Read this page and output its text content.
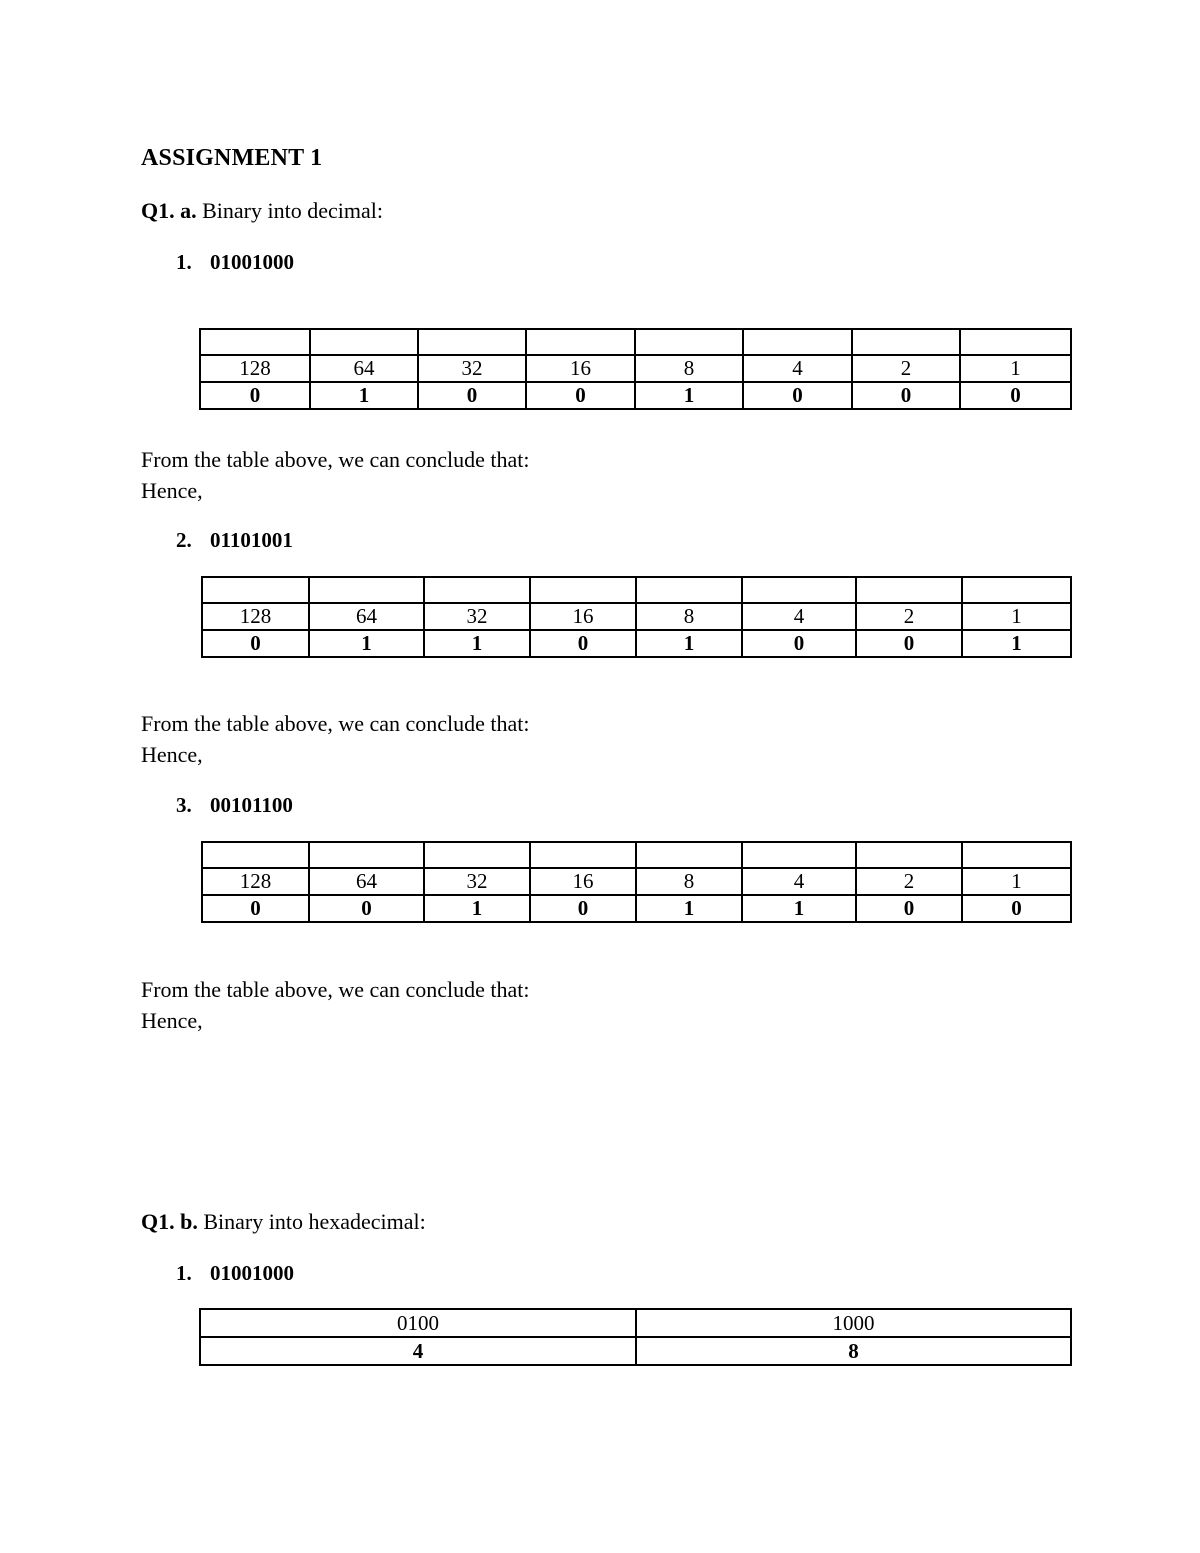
ASSIGNMENT 1
Q1. a. Binary into decimal:
1. 01001000

128	64	32	16	8	4	2	1
0	1	0	0	1	0	0	0
From the table above, we can conclude that:
Hence,
2. 01101001

128	64	32	16	8	4	2	1
0	1	1	0	1	0	0	1
From the table above, we can conclude that:
Hence,
3. 00101100

128	64	32	16	8	4	2	1
0	0	1	0	1	1	0	0
From the table above, we can conclude that:
Hence,
Q1. b. Binary into hexadecimal:
1. 01001000
0100	1000
4	8
